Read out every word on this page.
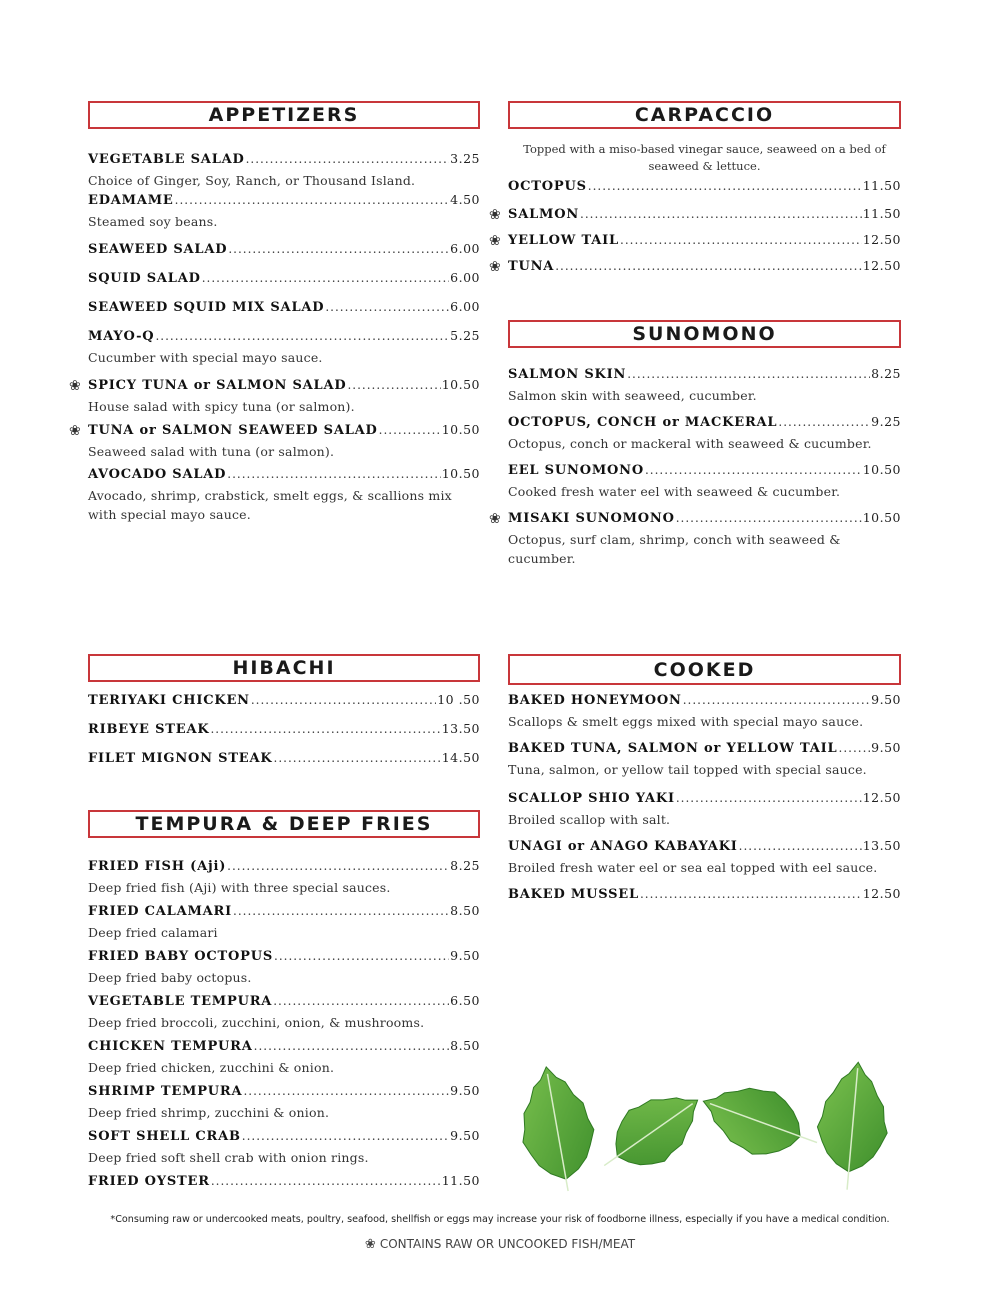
APPETIZERS
VEGETABLE SALAD .....	3.25
Choice of Ginger, Soy, Ranch, or Thousand Island.
EDAMAME .....	4.50
Steamed soy beans.
SEAWEED SALAD .....	6.00
SQUID SALAD .....	6.00
SEAWEED SQUID MIX SALAD .....	6.00
MAYO-Q .....	5.25
Cucumber with special mayo sauce.
❀ SPICY TUNA or SALMON SALAD .....	10.50
House salad with spicy tuna (or salmon).
❀ TUNA or SALMON SEAWEED SALAD .....	10.50
Seaweed salad with tuna (or salmon).
AVOCADO SALAD .....	10.50
Avocado, shrimp, crabstick, smelt eggs, & scallions mix with special mayo sauce.
CARPACCIO
Topped with a miso-based vinegar sauce, seaweed on a bed of seaweed & lettuce.
OCTOPUS .....	11.50
❀ SALMON .....	11.50
❀ YELLOW TAIL .....	12.50
❀ TUNA .....	12.50
SUNOMONO
SALMON SKIN .....	8.25
Salmon skin with seaweed, cucumber.
OCTOPUS, CONCH or MACKERAL .....	9.25
Octopus, conch or mackeral with seaweed & cucumber.
EEL SUNOMONO .....	10.50
Cooked fresh water eel with seaweed & cucumber.
❀ MISAKI SUNOMONO .....	10.50
Octopus, surf clam, shrimp, conch with seaweed & cucumber.
HIBACHI
TERIYAKI CHICKEN .....	10 .50
RIBEYE STEAK .....	13.50
FILET MIGNON STEAK .....	14.50
TEMPURA & DEEP FRIES
FRIED FISH (Aji) .....	8.25
Deep fried fish (Aji) with three special sauces.
FRIED CALAMARI .....	8.50
Deep fried calamari
FRIED BABY OCTOPUS .....	9.50
Deep fried baby octopus.
VEGETABLE TEMPURA .....	6.50
Deep fried broccoli, zucchini, onion, & mushrooms.
CHICKEN TEMPURA .....	8.50
Deep fried chicken, zucchini & onion.
SHRIMP TEMPURA .....	9.50
Deep fried shrimp, zucchini & onion.
SOFT SHELL CRAB .....	9.50
Deep fried soft shell crab with onion rings.
FRIED OYSTER .....	11.50
COOKED
BAKED HONEYMOON .....	9.50
Scallops & smelt eggs mixed with special mayo sauce.
BAKED TUNA, SALMON or YELLOW TAIL .....	9.50
Tuna, salmon, or yellow tail topped with special sauce.
SCALLOP SHIO YAKI .....	12.50
Broiled scallop with salt.
UNAGI or ANAGO KABAYAKI .....	13.50
Broiled fresh water eel or sea eal topped with eel sauce.
BAKED MUSSEL .....	12.50
*Consuming raw or undercooked meats, poultry, seafood, shellfish or eggs may increase your risk of foodborne illness, especially if you have a medical condition.
❀ CONTAINS RAW OR UNCOOKED FISH/MEAT
